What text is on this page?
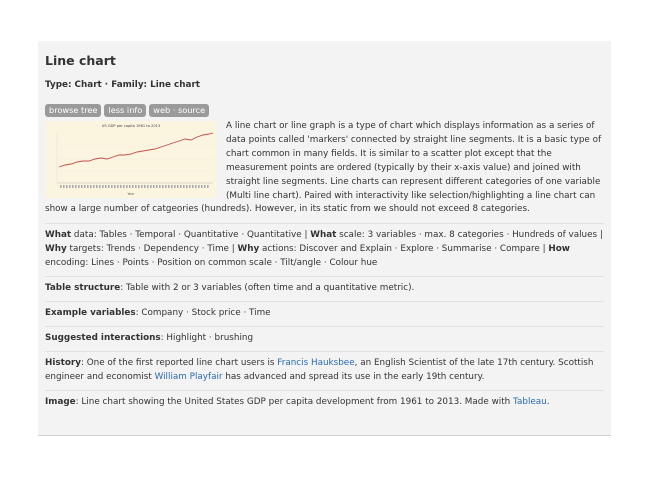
Line chart
Type: Chart · Family: Line chart
browse tree less info web · source
US GDP per capita 1961 to 2013
Year
A line chart or line graph is a type of chart which displays information as a series of data points called 'markers' connected by straight line segments. It is a basic type of chart common in many fields. It is similar to a scatter plot except that the measurement points are ordered (typically by their x-axis value) and joined with straight line segments. Line charts can represent different categories of one variable (Multi line chart). Paired with interactivity like selection/highlighting a line chart can show a large number of catgeories (hundreds). However, in its static from we should not exceed 8 categories.
What data: Tables · Temporal · Quantitative · Quantitative | What scale: 3 variables · max. 8 categories · Hundreds of values | Why targets: Trends · Dependency · Time | Why actions: Discover and Explain · Explore · Summarise · Compare | How encoding: Lines · Points · Position on common scale · Tilt/angle · Colour hue
Table structure: Table with 2 or 3 variables (often time and a quantitative metric).
Example variables: Company · Stock price · Time
Suggested interactions: Highlight · brushing
History: One of the first reported line chart users is Francis Hauksbee, an English Scientist of the late 17th century. Scottish engineer and economist William Playfair has advanced and spread its use in the early 19th century.
Image: Line chart showing the United States GDP per capita development from 1961 to 2013. Made with Tableau.
